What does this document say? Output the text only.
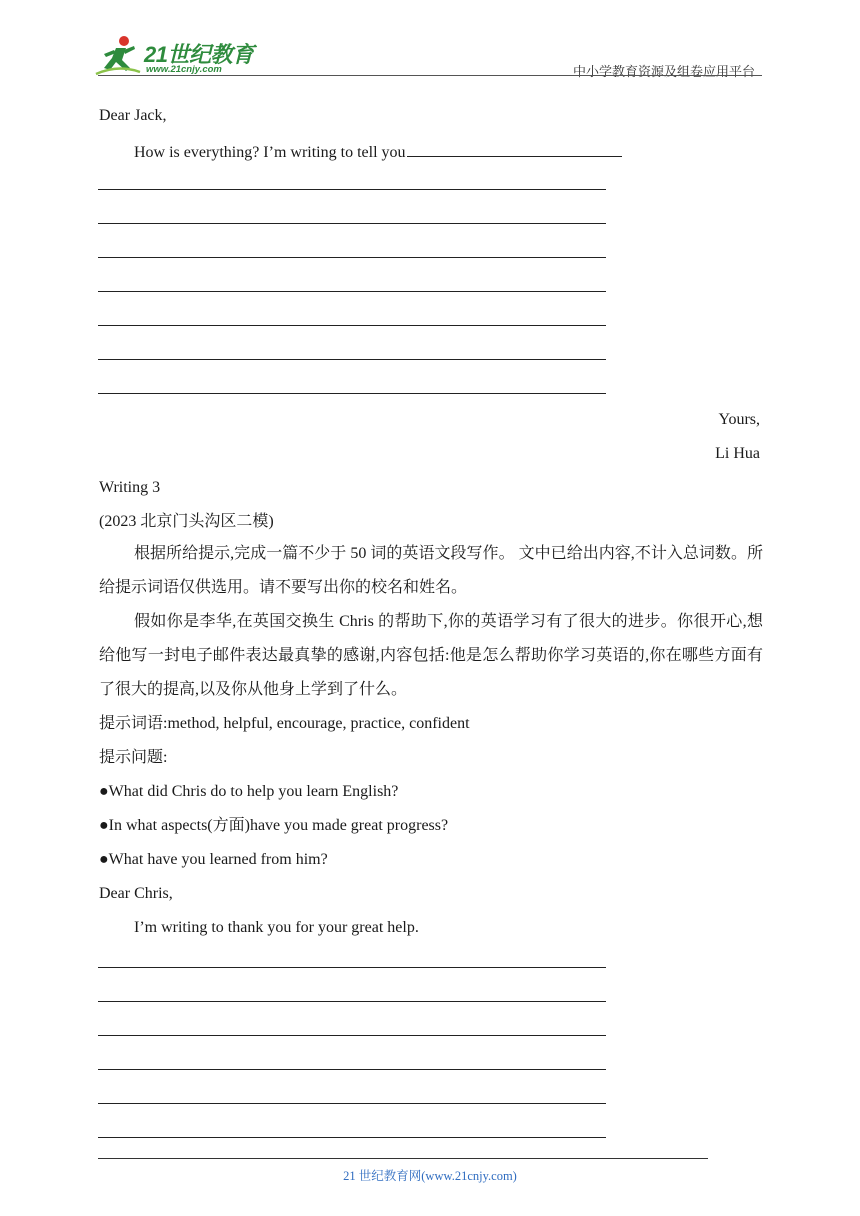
21世纪教育
www.21cnjy.com	中小学教育资源及组卷应用平台
Dear Jack,
How is everything? I’m writing to tell you
Yours,
Li Hua
Writing 3
(2023 北京门头沟区二模)
根据所给提示,完成一篇不少于 50 词的英语文段写作。 文中已给出内容,不计入总词数。所给提示词语仅供选用。请不要写出你的校名和姓名。
假如你是李华,在英国交换生 Chris 的帮助下,你的英语学习有了很大的进步。你很开心,想给他写一封电子邮件表达最真挚的感谢,内容包括:他是怎么帮助你学习英语的,你在哪些方面有了很大的提高,以及你从他身上学到了什么。
提示词语:method, helpful, encourage, practice, confident
提示问题:
●What did Chris do to help you learn English?
●In what aspects(方面)have you made great progress?
●What have you learned from him?
Dear Chris,
I’m writing to thank you for your great help.
21 世纪教育网(www.21cnjy.com)
